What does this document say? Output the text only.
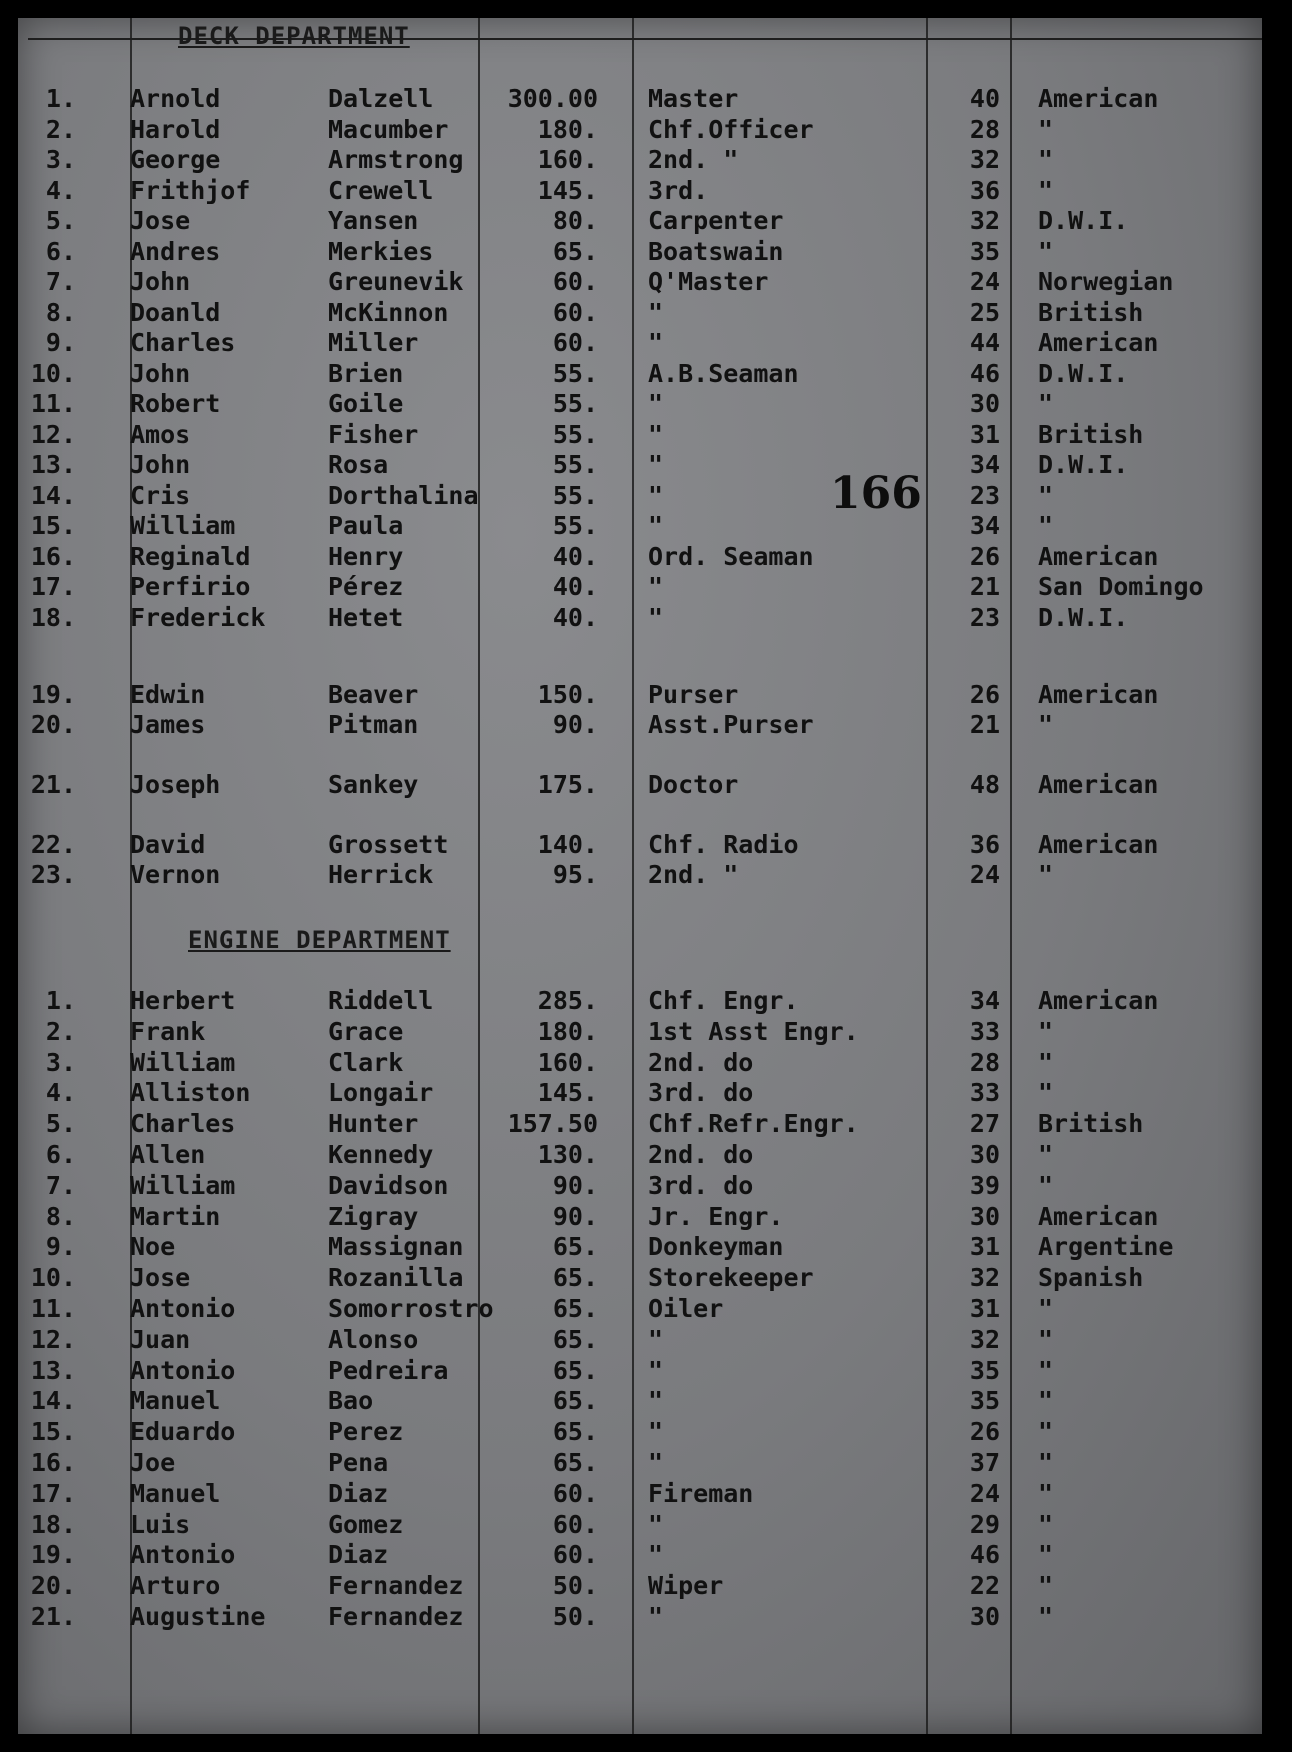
DECK DEPARTMENT
1. Arnold	Dalzell	300.00 Master	40 American
2. Harold	Macumber	180. Chf.Officer	28 "
3. George	Armstrong	160. 2nd. "	32 "
4. Frithjof	Crewell	145. 3rd.	36 "
5. Jose	Yansen	80. Carpenter	32 D.W.I.
6. Andres	Merkies	65. Boatswain	35 "
7. John	Greunevik	60. Q'Master	24 Norwegian
8. Doanld	McKinnon	60. "	25 British
9. Charles	Miller	60. "	44 American
10. John	Brien	55. A.B.Seaman	46 D.W.I.
11. Robert	Goile	55. "	30 "
12. Amos	Fisher	55. "	31 British
13. John	Rosa	55. "	34 D.W.I.
14. Cris	Dorthalina	55. "	23 "
15. William	Paula	55. "	34 "
16. Reginald	Henry	40. Ord. Seaman	26 American
17. Perfirio	Pérez	40. "	21 San Domingo
18. Frederick	Hetet	40. "	23 D.W.I.
19. Edwin	Beaver	150. Purser	26 American
20. James	Pitman	90. Asst.Purser	21 "
21. Joseph	Sankey	175. Doctor	48 American
22. David	Grossett	140. Chf. Radio	36 American
23. Vernon	Herrick	95. 2nd. "	24 "
166
ENGINE DEPARTMENT
1. Herbert	Riddell	285. Chf. Engr.	34 American
2. Frank	Grace	180. 1st Asst Engr.	33 "
3. William	Clark	160. 2nd. do	28 "
4. Alliston	Longair	145. 3rd. do	33 "
5. Charles	Hunter	157.50 Chf.Refr.Engr.	27 British
6. Allen	Kennedy	130. 2nd. do	30 "
7. William	Davidson	90. 3rd. do	39 "
8. Martin	Zigray	90. Jr. Engr.	30 American
9. Noe	Massignan	65. Donkeyman	31 Argentine
10. Jose	Rozanilla	65. Storekeeper	32 Spanish
11. Antonio	Somorrostro	65. Oiler	31 "
12. Juan	Alonso	65. "	32 "
13. Antonio	Pedreira	65. "	35 "
14. Manuel	Bao	65. "	35 "
15. Eduardo	Perez	65. "	26 "
16. Joe	Pena	65. "	37 "
17. Manuel	Diaz	60. Fireman	24 "
18. Luis	Gomez	60. "	29 "
19. Antonio	Diaz	60. "	46 "
20. Arturo	Fernandez	50. Wiper	22 "
21. Augustine	Fernandez	50. "	30 "
